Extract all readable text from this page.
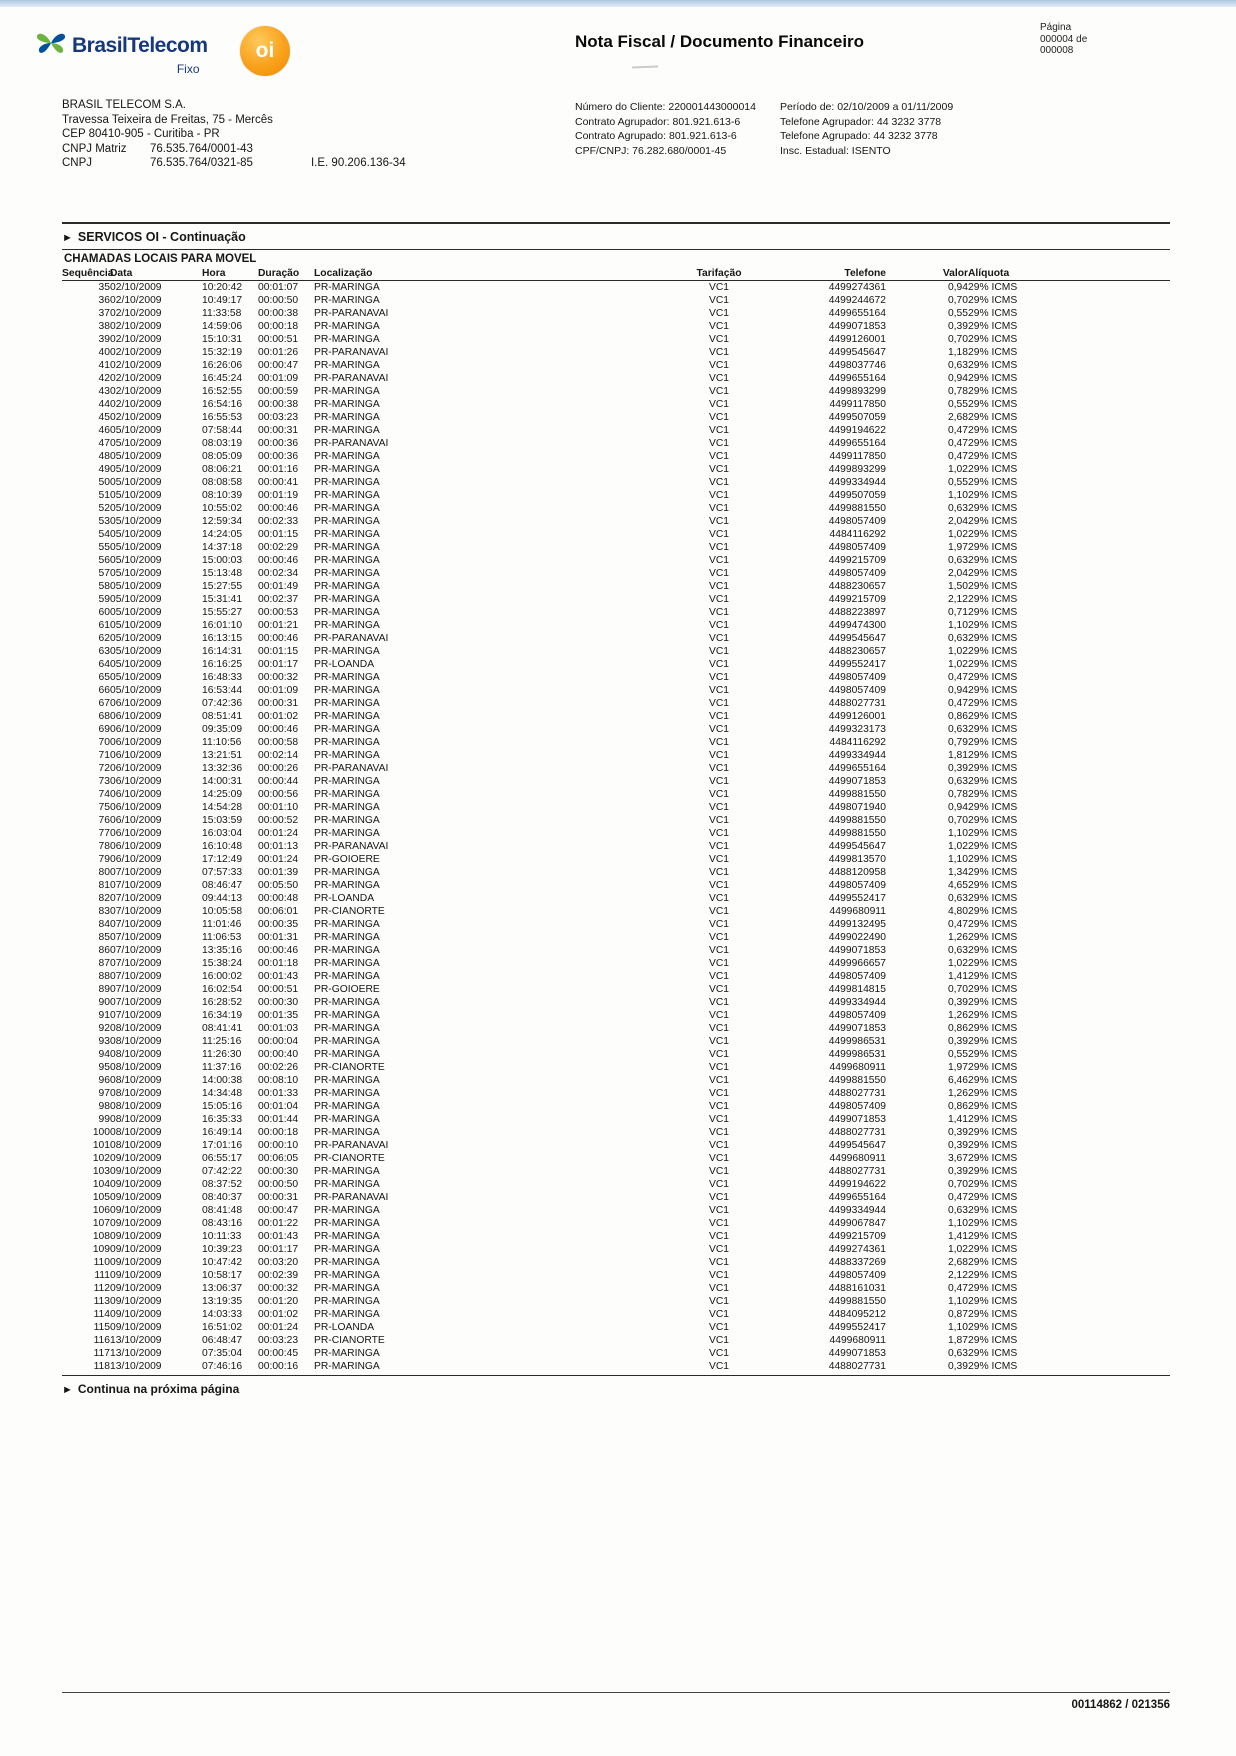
BrasilTelecom
Fixo
oi	Nota Fiscal / Documento Financeiro
Página
000004 de
000008
BRASIL TELECOM S.A.
Travessa Teixeira de Freitas, 75 - Mercês
CEP 80410-905 - Curitiba - PR
CNPJ Matriz	76.535.764/0001-43
CNPJ	76.535.764/0321-85	I.E. 90.206.136-34
Número do Cliente: 220001443000014
Contrato Agrupador: 801.921.613-6
Contrato Agrupado: 801.921.613-6
CPF/CNPJ: 76.282.680/0001-45
Período de: 02/10/2009 a 01/11/2009
Telefone Agrupador: 44 3232 3778
Telefone Agrupado: 44 3232 3778
Insc. Estadual: ISENTO
► SERVICOS OI - Continuação
CHAMADAS LOCAIS PARA MOVEL
Sequência	Data	Hora	Duração	Localização	Tarifação	Telefone	Valor	Alíquota
35	02/10/2009	10:20:42	00:01:07	PR-MARINGA	VC1	4499274361	0,94	29% ICMS
36	02/10/2009	10:49:17	00:00:50	PR-MARINGA	VC1	4499244672	0,70	29% ICMS
37	02/10/2009	11:33:58	00:00:38	PR-PARANAVAI	VC1	4499655164	0,55	29% ICMS
38	02/10/2009	14:59:06	00:00:18	PR-MARINGA	VC1	4499071853	0,39	29% ICMS
39	02/10/2009	15:10:31	00:00:51	PR-MARINGA	VC1	4499126001	0,70	29% ICMS
40	02/10/2009	15:32:19	00:01:26	PR-PARANAVAI	VC1	4499545647	1,18	29% ICMS
41	02/10/2009	16:26:06	00:00:47	PR-MARINGA	VC1	4498037746	0,63	29% ICMS
42	02/10/2009	16:45:24	00:01:09	PR-PARANAVAI	VC1	4499655164	0,94	29% ICMS
43	02/10/2009	16:52:55	00:00:59	PR-MARINGA	VC1	4499893299	0,78	29% ICMS
44	02/10/2009	16:54:16	00:00:38	PR-MARINGA	VC1	4499117850	0,55	29% ICMS
45	02/10/2009	16:55:53	00:03:23	PR-MARINGA	VC1	4499507059	2,68	29% ICMS
46	05/10/2009	07:58:44	00:00:31	PR-MARINGA	VC1	4499194622	0,47	29% ICMS
47	05/10/2009	08:03:19	00:00:36	PR-PARANAVAI	VC1	4499655164	0,47	29% ICMS
48	05/10/2009	08:05:09	00:00:36	PR-MARINGA	VC1	4499117850	0,47	29% ICMS
49	05/10/2009	08:06:21	00:01:16	PR-MARINGA	VC1	4499893299	1,02	29% ICMS
50	05/10/2009	08:08:58	00:00:41	PR-MARINGA	VC1	4499334944	0,55	29% ICMS
51	05/10/2009	08:10:39	00:01:19	PR-MARINGA	VC1	4499507059	1,10	29% ICMS
52	05/10/2009	10:55:02	00:00:46	PR-MARINGA	VC1	4499881550	0,63	29% ICMS
53	05/10/2009	12:59:34	00:02:33	PR-MARINGA	VC1	4498057409	2,04	29% ICMS
54	05/10/2009	14:24:05	00:01:15	PR-MARINGA	VC1	4484116292	1,02	29% ICMS
55	05/10/2009	14:37:18	00:02:29	PR-MARINGA	VC1	4498057409	1,97	29% ICMS
56	05/10/2009	15:00:03	00:00:46	PR-MARINGA	VC1	4499215709	0,63	29% ICMS
57	05/10/2009	15:13:48	00:02:34	PR-MARINGA	VC1	4498057409	2,04	29% ICMS
58	05/10/2009	15:27:55	00:01:49	PR-MARINGA	VC1	4488230657	1,50	29% ICMS
59	05/10/2009	15:31:41	00:02:37	PR-MARINGA	VC1	4499215709	2,12	29% ICMS
60	05/10/2009	15:55:27	00:00:53	PR-MARINGA	VC1	4488223897	0,71	29% ICMS
61	05/10/2009	16:01:10	00:01:21	PR-MARINGA	VC1	4499474300	1,10	29% ICMS
62	05/10/2009	16:13:15	00:00:46	PR-PARANAVAI	VC1	4499545647	0,63	29% ICMS
63	05/10/2009	16:14:31	00:01:15	PR-MARINGA	VC1	4488230657	1,02	29% ICMS
64	05/10/2009	16:16:25	00:01:17	PR-LOANDA	VC1	4499552417	1,02	29% ICMS
65	05/10/2009	16:48:33	00:00:32	PR-MARINGA	VC1	4498057409	0,47	29% ICMS
66	05/10/2009	16:53:44	00:01:09	PR-MARINGA	VC1	4498057409	0,94	29% ICMS
67	06/10/2009	07:42:36	00:00:31	PR-MARINGA	VC1	4488027731	0,47	29% ICMS
68	06/10/2009	08:51:41	00:01:02	PR-MARINGA	VC1	4499126001	0,86	29% ICMS
69	06/10/2009	09:35:09	00:00:46	PR-MARINGA	VC1	4499323173	0,63	29% ICMS
70	06/10/2009	11:10:56	00:00:58	PR-MARINGA	VC1	4484116292	0,79	29% ICMS
71	06/10/2009	13:21:51	00:02:14	PR-MARINGA	VC1	4499334944	1,81	29% ICMS
72	06/10/2009	13:32:36	00:00:26	PR-PARANAVAI	VC1	4499655164	0,39	29% ICMS
73	06/10/2009	14:00:31	00:00:44	PR-MARINGA	VC1	4499071853	0,63	29% ICMS
74	06/10/2009	14:25:09	00:00:56	PR-MARINGA	VC1	4499881550	0,78	29% ICMS
75	06/10/2009	14:54:28	00:01:10	PR-MARINGA	VC1	4498071940	0,94	29% ICMS
76	06/10/2009	15:03:59	00:00:52	PR-MARINGA	VC1	4499881550	0,70	29% ICMS
77	06/10/2009	16:03:04	00:01:24	PR-MARINGA	VC1	4499881550	1,10	29% ICMS
78	06/10/2009	16:10:48	00:01:13	PR-PARANAVAI	VC1	4499545647	1,02	29% ICMS
79	06/10/2009	17:12:49	00:01:24	PR-GOIOERE	VC1	4499813570	1,10	29% ICMS
80	07/10/2009	07:57:33	00:01:39	PR-MARINGA	VC1	4488120958	1,34	29% ICMS
81	07/10/2009	08:46:47	00:05:50	PR-MARINGA	VC1	4498057409	4,65	29% ICMS
82	07/10/2009	09:44:13	00:00:48	PR-LOANDA	VC1	4499552417	0,63	29% ICMS
83	07/10/2009	10:05:58	00:06:01	PR-CIANORTE	VC1	4499680911	4,80	29% ICMS
84	07/10/2009	11:01:46	00:00:35	PR-MARINGA	VC1	4499132495	0,47	29% ICMS
85	07/10/2009	11:06:53	00:01:31	PR-MARINGA	VC1	4499022490	1,26	29% ICMS
86	07/10/2009	13:35:16	00:00:46	PR-MARINGA	VC1	4499071853	0,63	29% ICMS
87	07/10/2009	15:38:24	00:01:18	PR-MARINGA	VC1	4499966657	1,02	29% ICMS
88	07/10/2009	16:00:02	00:01:43	PR-MARINGA	VC1	4498057409	1,41	29% ICMS
89	07/10/2009	16:02:54	00:00:51	PR-GOIOERE	VC1	4499814815	0,70	29% ICMS
90	07/10/2009	16:28:52	00:00:30	PR-MARINGA	VC1	4499334944	0,39	29% ICMS
91	07/10/2009	16:34:19	00:01:35	PR-MARINGA	VC1	4498057409	1,26	29% ICMS
92	08/10/2009	08:41:41	00:01:03	PR-MARINGA	VC1	4499071853	0,86	29% ICMS
93	08/10/2009	11:25:16	00:00:04	PR-MARINGA	VC1	4499986531	0,39	29% ICMS
94	08/10/2009	11:26:30	00:00:40	PR-MARINGA	VC1	4499986531	0,55	29% ICMS
95	08/10/2009	11:37:16	00:02:26	PR-CIANORTE	VC1	4499680911	1,97	29% ICMS
96	08/10/2009	14:00:38	00:08:10	PR-MARINGA	VC1	4499881550	6,46	29% ICMS
97	08/10/2009	14:34:48	00:01:33	PR-MARINGA	VC1	4488027731	1,26	29% ICMS
98	08/10/2009	15:05:16	00:01:04	PR-MARINGA	VC1	4498057409	0,86	29% ICMS
99	08/10/2009	16:35:33	00:01:44	PR-MARINGA	VC1	4499071853	1,41	29% ICMS
100	08/10/2009	16:49:14	00:00:18	PR-MARINGA	VC1	4488027731	0,39	29% ICMS
101	08/10/2009	17:01:16	00:00:10	PR-PARANAVAI	VC1	4499545647	0,39	29% ICMS
102	09/10/2009	06:55:17	00:06:05	PR-CIANORTE	VC1	4499680911	3,67	29% ICMS
103	09/10/2009	07:42:22	00:00:30	PR-MARINGA	VC1	4488027731	0,39	29% ICMS
104	09/10/2009	08:37:52	00:00:50	PR-MARINGA	VC1	4499194622	0,70	29% ICMS
105	09/10/2009	08:40:37	00:00:31	PR-PARANAVAI	VC1	4499655164	0,47	29% ICMS
106	09/10/2009	08:41:48	00:00:47	PR-MARINGA	VC1	4499334944	0,63	29% ICMS
107	09/10/2009	08:43:16	00:01:22	PR-MARINGA	VC1	4499067847	1,10	29% ICMS
108	09/10/2009	10:11:33	00:01:43	PR-MARINGA	VC1	4499215709	1,41	29% ICMS
109	09/10/2009	10:39:23	00:01:17	PR-MARINGA	VC1	4499274361	1,02	29% ICMS
110	09/10/2009	10:47:42	00:03:20	PR-MARINGA	VC1	4488337269	2,68	29% ICMS
111	09/10/2009	10:58:17	00:02:39	PR-MARINGA	VC1	4498057409	2,12	29% ICMS
112	09/10/2009	13:06:37	00:00:32	PR-MARINGA	VC1	4488161031	0,47	29% ICMS
113	09/10/2009	13:19:35	00:01:20	PR-MARINGA	VC1	4499881550	1,10	29% ICMS
114	09/10/2009	14:03:33	00:01:02	PR-MARINGA	VC1	4484095212	0,87	29% ICMS
115	09/10/2009	16:51:02	00:01:24	PR-LOANDA	VC1	4499552417	1,10	29% ICMS
116	13/10/2009	06:48:47	00:03:23	PR-CIANORTE	VC1	4499680911	1,87	29% ICMS
117	13/10/2009	07:35:04	00:00:45	PR-MARINGA	VC1	4499071853	0,63	29% ICMS
118	13/10/2009	07:46:16	00:00:16	PR-MARINGA	VC1	4488027731	0,39	29% ICMS
► Continua na próxima página
00114862 / 021356
